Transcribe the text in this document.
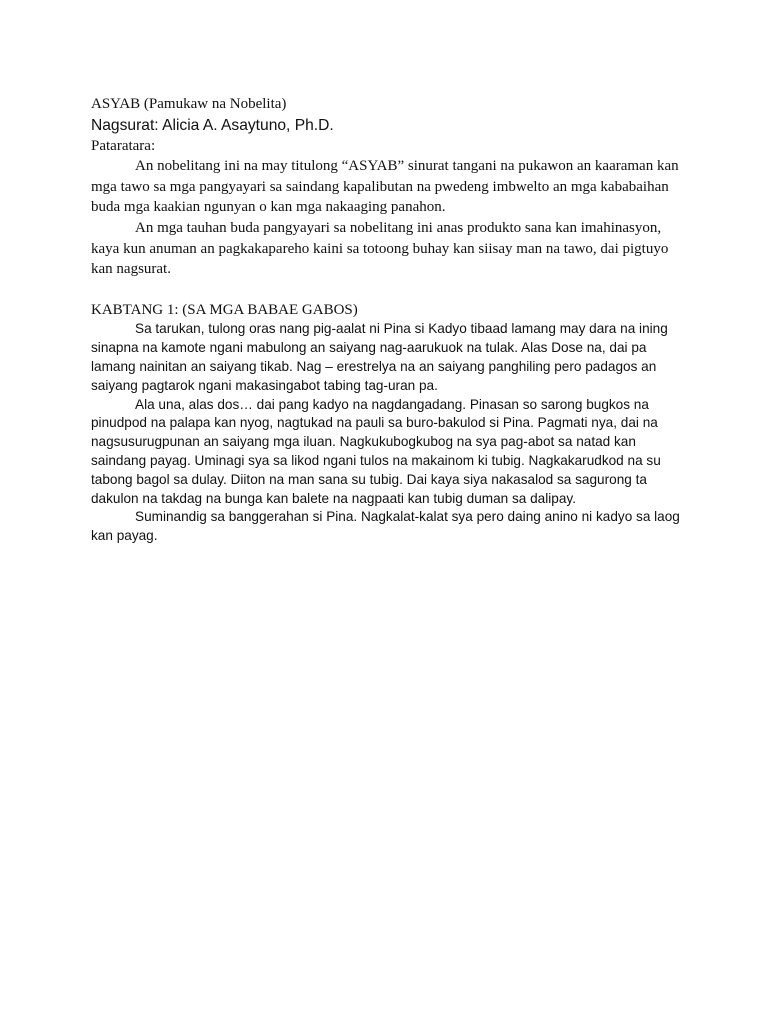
ASYAB (Pamukaw na Nobelita)

Nagsurat: Alicia A. Asaytuno, Ph.D.

Pataratara:

An nobelitang ini na may titulong “ASYAB” sinurat tangani na pukawon an kaaraman kan mga tawo sa mga pangyayari sa saindang kapalibutan na pwedeng imbwelto an mga kababaihan buda mga kaakian ngunyan o kan mga nakaaging panahon.

An mga tauhan buda pangyayari sa nobelitang ini anas produkto sana kan imahinasyon, kaya kun anuman an pagkakapareho kaini sa totoong buhay kan siisay man na tawo, dai pigtuyo kan nagsurat.

KABTANG 1: (SA MGA BABAE GABOS)

Sa tarukan, tulong oras nang pig-aalat ni Pina si Kadyo tibaad lamang may dara na ining sinapna na kamote ngani mabulong an saiyang nag-aarukuok na tulak. Alas Dose na, dai pa lamang nainitan an saiyang tikab. Nag – erestrelya na an saiyang panghiling pero padagos an saiyang pagtarok ngani makasingabot tabing tag-uran pa.

Ala una, alas dos… dai pang kadyo na nagdangadang. Pinasan so sarong bugkos na pinudpod na palapa kan nyog, nagtukad na pauli sa buro-bakulod si Pina. Pagmati nya, dai na nagsusurugpunan an saiyang mga iluan. Nagkukubogkubog na sya pag-abot sa natad kan saindang payag. Uminagi sya sa likod ngani tulos na makainom ki tubig. Nagkakarudkod na su tabong bagol sa dulay. Diiton na man sana su tubig. Dai kaya siya nakasalod sa sagurong ta dakulon na takdag na bunga kan balete na nagpaati kan tubig duman sa dalipay.

Suminandig sa banggerahan si Pina. Nagkalat-kalat sya pero daing anino ni kadyo sa laog kan payag.
